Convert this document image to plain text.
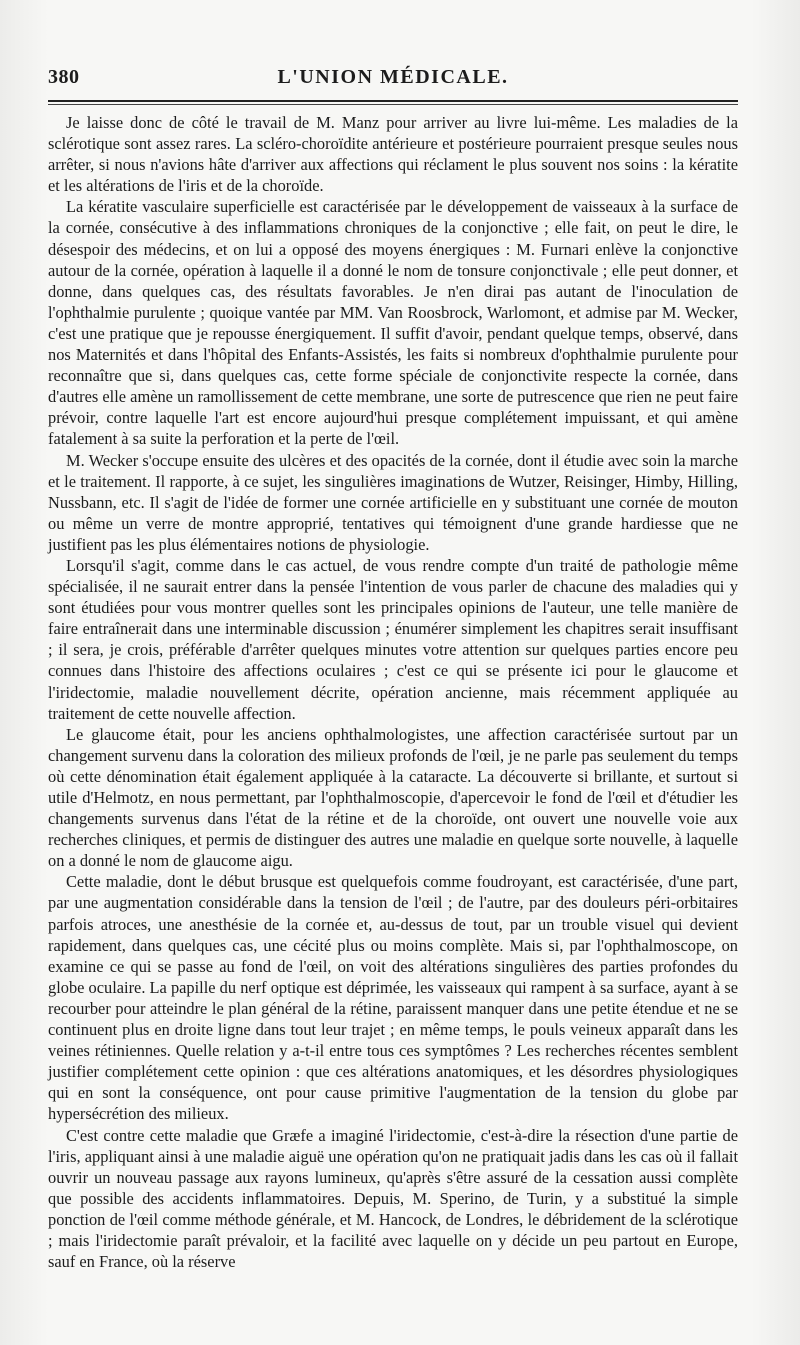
380	L'UNION MÉDICALE.

Je laisse donc de côté le travail de M. Manz pour arriver au livre lui-même. Les maladies de la sclérotique sont assez rares. La scléro-choroïdite antérieure et postérieure pourraient presque seules nous arrêter, si nous n'avions hâte d'arriver aux affections qui réclament le plus souvent nos soins : la kératite et les altérations de l'iris et de la choroïde.

La kératite vasculaire superficielle est caractérisée par le développement de vaisseaux à la surface de la cornée, consécutive à des inflammations chroniques de la conjonctive ; elle fait, on peut le dire, le désespoir des médecins, et on lui a opposé des moyens énergiques : M. Furnari enlève la conjonctive autour de la cornée, opération à laquelle il a donné le nom de tonsure conjonctivale ; elle peut donner, et donne, dans quelques cas, des résultats favorables. Je n'en dirai pas autant de l'inoculation de l'ophthalmie purulente ; quoique vantée par MM. Van Roosbrock, Warlomont, et admise par M. Wecker, c'est une pratique que je repousse énergiquement. Il suffit d'avoir, pendant quelque temps, observé, dans nos Maternités et dans l'hôpital des Enfants-Assistés, les faits si nombreux d'ophthalmie purulente pour reconnaître que si, dans quelques cas, cette forme spéciale de conjonctivite respecte la cornée, dans d'autres elle amène un ramollissement de cette membrane, une sorte de putrescence que rien ne peut faire prévoir, contre laquelle l'art est encore aujourd'hui presque complétement impuissant, et qui amène fatalement à sa suite la perforation et la perte de l'œil.

M. Wecker s'occupe ensuite des ulcères et des opacités de la cornée, dont il étudie avec soin la marche et le traitement. Il rapporte, à ce sujet, les singulières imaginations de Wutzer, Reisinger, Himby, Hilling, Nussbann, etc. Il s'agit de l'idée de former une cornée artificielle en y substituant une cornée de mouton ou même un verre de montre approprié, tentatives qui témoignent d'une grande hardiesse que ne justifient pas les plus élémentaires notions de physiologie.

Lorsqu'il s'agit, comme dans le cas actuel, de vous rendre compte d'un traité de pathologie même spécialisée, il ne saurait entrer dans la pensée l'intention de vous parler de chacune des maladies qui y sont étudiées pour vous montrer quelles sont les principales opinions de l'auteur, une telle manière de faire entraînerait dans une interminable discussion ; énumérer simplement les chapitres serait insuffisant ; il sera, je crois, préférable d'arrêter quelques minutes votre attention sur quelques parties encore peu connues dans l'histoire des affections oculaires ; c'est ce qui se présente ici pour le glaucome et l'iridectomie, maladie nouvellement décrite, opération ancienne, mais récemment appliquée au traitement de cette nouvelle affection.

Le glaucome était, pour les anciens ophthalmologistes, une affection caractérisée surtout par un changement survenu dans la coloration des milieux profonds de l'œil, je ne parle pas seulement du temps où cette dénomination était également appliquée à la cataracte. La découverte si brillante, et surtout si utile d'Helmotz, en nous permettant, par l'ophthalmoscopie, d'apercevoir le fond de l'œil et d'étudier les changements survenus dans l'état de la rétine et de la choroïde, ont ouvert une nouvelle voie aux recherches cliniques, et permis de distinguer des autres une maladie en quelque sorte nouvelle, à laquelle on a donné le nom de glaucome aigu.

Cette maladie, dont le début brusque est quelquefois comme foudroyant, est caractérisée, d'une part, par une augmentation considérable dans la tension de l'œil ; de l'autre, par des douleurs péri-orbitaires parfois atroces, une anesthésie de la cornée et, au-dessus de tout, par un trouble visuel qui devient rapidement, dans quelques cas, une cécité plus ou moins complète. Mais si, par l'ophthalmoscope, on examine ce qui se passe au fond de l'œil, on voit des altérations singulières des parties profondes du globe oculaire. La papille du nerf optique est déprimée, les vaisseaux qui rampent à sa surface, ayant à se recourber pour atteindre le plan général de la rétine, paraissent manquer dans une petite étendue et ne se continuent plus en droite ligne dans tout leur trajet ; en même temps, le pouls veineux apparaît dans les veines rétiniennes. Quelle relation y a-t-il entre tous ces symptômes ? Les recherches récentes semblent justifier complétement cette opinion : que ces altérations anatomiques, et les désordres physiologiques qui en sont la conséquence, ont pour cause primitive l'augmentation de la tension du globe par hypersécrétion des milieux.

C'est contre cette maladie que Græfe a imaginé l'iridectomie, c'est-à-dire la résection d'une partie de l'iris, appliquant ainsi à une maladie aiguë une opération qu'on ne pratiquait jadis dans les cas où il fallait ouvrir un nouveau passage aux rayons lumineux, qu'après s'être assuré de la cessation aussi complète que possible des accidents inflammatoires. Depuis, M. Sperino, de Turin, y a substitué la simple ponction de l'œil comme méthode générale, et M. Hancock, de Londres, le débridement de la sclérotique ; mais l'iridectomie paraît prévaloir, et la facilité avec laquelle on y décide un peu partout en Europe, sauf en France, où la réserve
